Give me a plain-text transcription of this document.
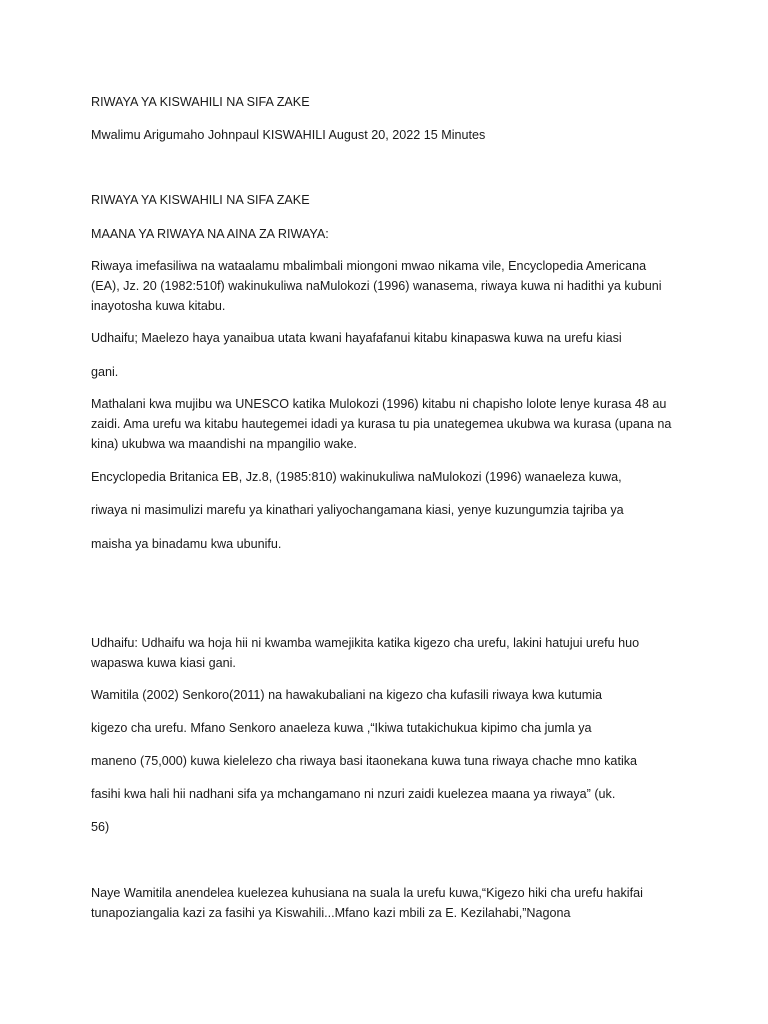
RIWAYA YA KISWAHILI NA SIFA ZAKE
Mwalimu Arigumaho Johnpaul KISWAHILI August 20, 2022 15 Minutes
RIWAYA YA KISWAHILI NA SIFA ZAKE
MAANA YA RIWAYA NA AINA ZA RIWAYA:
Riwaya imefasiliwa na wataalamu mbalimbali miongoni mwao nikama vile, Encyclopedia Americana
(EA), Jz. 20 (1982:510f) wakinukuliwa naMulokozi (1996) wanasema, riwaya kuwa ni hadithi ya kubuni
inayotosha kuwa kitabu.
Udhaifu; Maelezo haya yanaibua utata kwani hayafafanui kitabu kinapaswa kuwa na urefu kiasi
gani.
Mathalani kwa mujibu wa UNESCO katika Mulokozi (1996) kitabu ni chapisho lolote lenye kurasa 48 au
zaidi. Ama urefu wa kitabu hautegemei idadi ya kurasa tu pia unategemea ukubwa wa kurasa (upana na
kina) ukubwa wa maandishi na mpangilio wake.
Encyclopedia Britanica EB, Jz.8, (1985:810) wakinukuliwa naMulokozi (1996) wanaeleza kuwa,
riwaya ni masimulizi marefu ya kinathari yaliyochangamana kiasi, yenye kuzungumzia tajriba ya
maisha ya binadamu kwa ubunifu.
Udhaifu: Udhaifu wa hoja hii ni kwamba wamejikita katika kigezo cha urefu, lakini hatujui urefu huo
wapaswa kuwa kiasi gani.
Wamitila (2002) Senkoro(2011) na hawakubaliani na kigezo cha kufasili riwaya kwa kutumia
kigezo cha urefu. Mfano Senkoro anaeleza kuwa ,“Ikiwa tutakichukua kipimo cha jumla ya
maneno (75,000) kuwa kielelezo cha riwaya basi itaonekana kuwa tuna riwaya chache mno katika
fasihi kwa hali hii nadhani sifa ya mchangamano ni nzuri zaidi kuelezea maana ya riwaya” (uk.
56)
Naye Wamitila anendelea kuelezea kuhusiana na suala la urefu kuwa,“Kigezo hiki cha urefu hakifai
tunapoziangalia kazi za fasihi ya Kiswahili...Mfano kazi mbili za E. Kezilahabi,”Nagona
